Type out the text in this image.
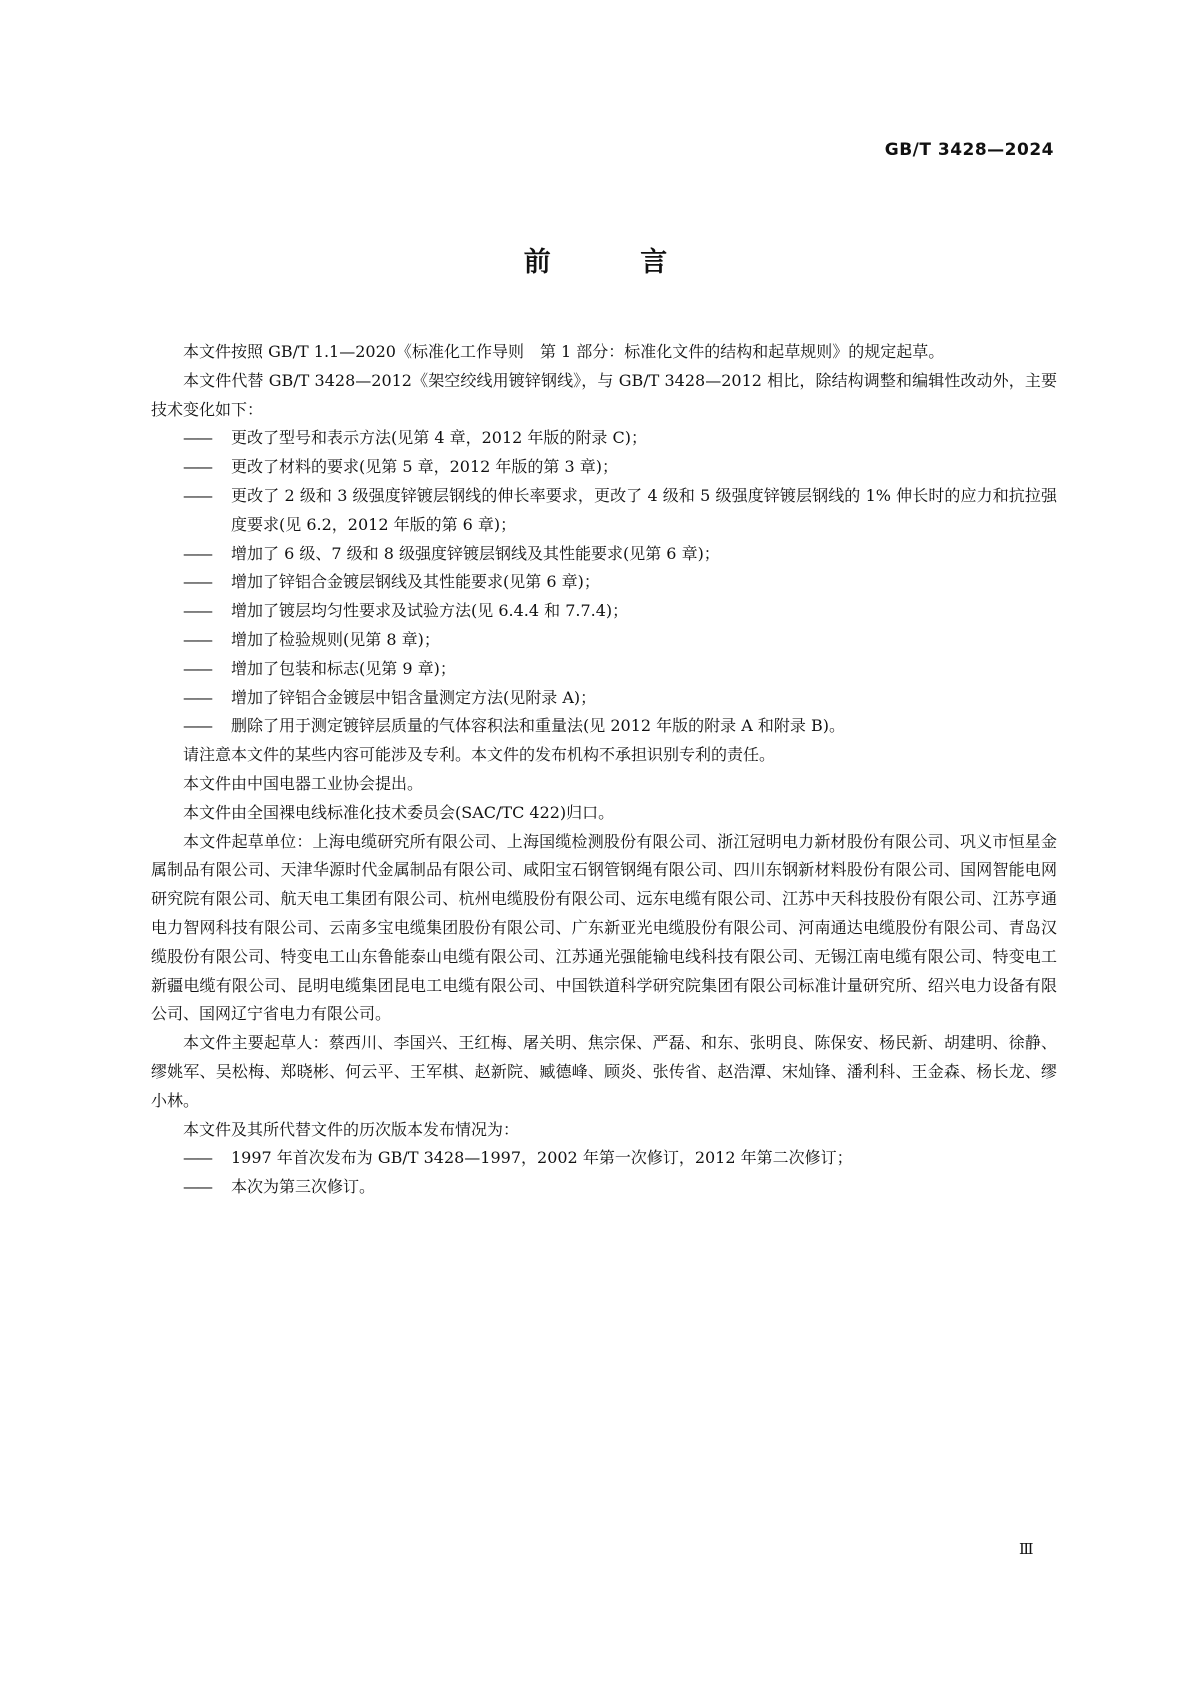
GB/T 3428—2024
前 言

本文件按照 GB/T 1.1—2020《标准化工作导则　第 1 部分：标准化文件的结构和起草规则》的规定起草。

本文件代替 GB/T 3428—2012《架空绞线用镀锌钢线》，与 GB/T 3428—2012 相比，除结构调整和编辑性改动外，主要技术变化如下：

—— 更改了型号和表示方法(见第 4 章，2012 年版的附录 C)；
—— 更改了材料的要求(见第 5 章，2012 年版的第 3 章)；
—— 更改了 2 级和 3 级强度锌镀层钢线的伸长率要求，更改了 4 级和 5 级强度锌镀层钢线的 1% 伸长时的应力和抗拉强度要求(见 6.2，2012 年版的第 6 章)；
—— 增加了 6 级、7 级和 8 级强度锌镀层钢线及其性能要求(见第 6 章)；
—— 增加了锌铝合金镀层钢线及其性能要求(见第 6 章)；
—— 增加了镀层均匀性要求及试验方法(见 6.4.4 和 7.7.4)；
—— 增加了检验规则(见第 8 章)；
—— 增加了包装和标志(见第 9 章)；
—— 增加了锌铝合金镀层中铝含量测定方法(见附录 A)；
—— 删除了用于测定镀锌层质量的气体容积法和重量法(见 2012 年版的附录 A 和附录 B)。

请注意本文件的某些内容可能涉及专利。本文件的发布机构不承担识别专利的责任。

本文件由中国电器工业协会提出。

本文件由全国裸电线标准化技术委员会(SAC/TC 422)归口。

本文件起草单位：上海电缆研究所有限公司、上海国缆检测股份有限公司、浙江冠明电力新材股份有限公司、巩义市恒星金属制品有限公司、天津华源时代金属制品有限公司、咸阳宝石钢管钢绳有限公司、四川东钢新材料股份有限公司、国网智能电网研究院有限公司、航天电工集团有限公司、杭州电缆股份有限公司、远东电缆有限公司、江苏中天科技股份有限公司、江苏亨通电力智网科技有限公司、云南多宝电缆集团股份有限公司、广东新亚光电缆股份有限公司、河南通达电缆股份有限公司、青岛汉缆股份有限公司、特变电工山东鲁能泰山电缆有限公司、江苏通光强能输电线科技有限公司、无锡江南电缆有限公司、特变电工新疆电缆有限公司、昆明电缆集团昆电工电缆有限公司、中国铁道科学研究院集团有限公司标准计量研究所、绍兴电力设备有限公司、国网辽宁省电力有限公司。

本文件主要起草人：蔡西川、李国兴、王红梅、屠关明、焦宗保、严磊、和东、张明良、陈保安、杨民新、胡建明、徐静、缪姚军、吴松梅、郑晓彬、何云平、王军棋、赵新院、臧德峰、顾炎、张传省、赵浩潭、宋灿锋、潘利科、王金森、杨长龙、缪小林。

本文件及其所代替文件的历次版本发布情况为：

—— 1997 年首次发布为 GB/T 3428—1997，2002 年第一次修订，2012 年第二次修订；
—— 本次为第三次修订。
Ⅲ
